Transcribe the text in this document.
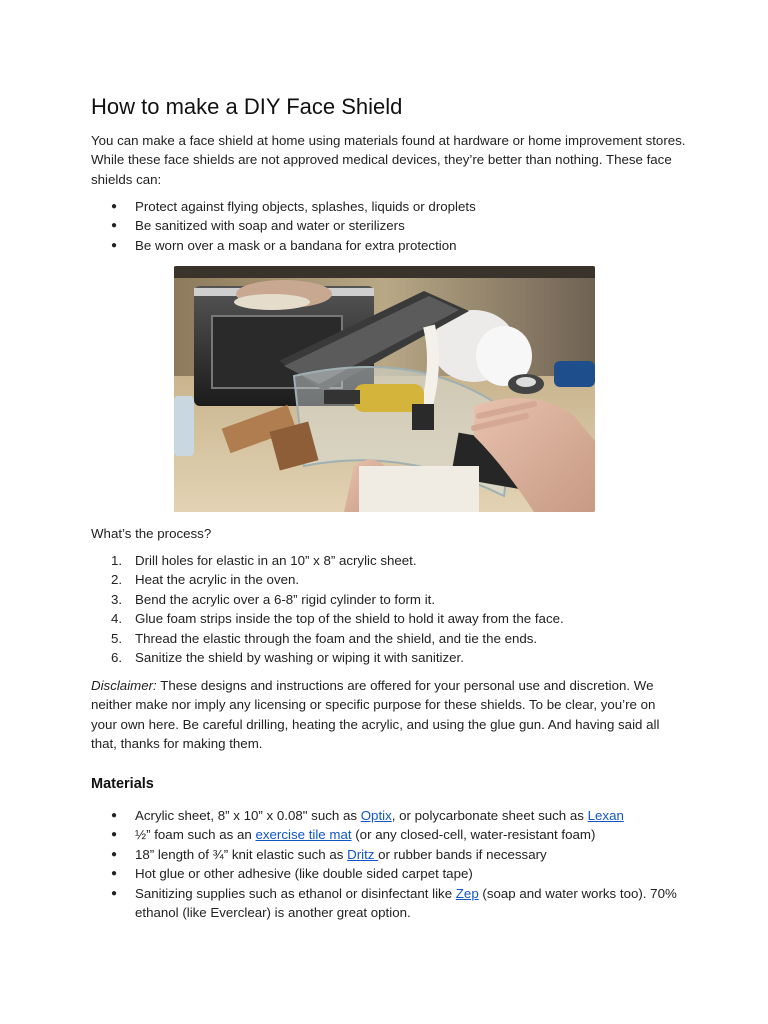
How to make a DIY Face Shield

You can make a face shield at home using materials found at hardware or home improvement stores. While these face shields are not approved medical devices, they’re better than nothing. These face shields can:

● Protect against flying objects, splashes, liquids or droplets
● Be sanitized with soap and water or sterilizers
● Be worn over a mask or a bandana for extra protection

What’s the process?

1. Drill holes for elastic in an 10” x 8” acrylic sheet.
2. Heat the acrylic in the oven.
3. Bend the acrylic over a 6-8” rigid cylinder to form it.
4. Glue foam strips inside the top of the shield to hold it away from the face.
5. Thread the elastic through the foam and the shield, and tie the ends.
6. Sanitize the shield by washing or wiping it with sanitizer.

Disclaimer: These designs and instructions are offered for your personal use and discretion. We neither make nor imply any licensing or specific purpose for these shields. To be clear, you’re on your own here. Be careful drilling, heating the acrylic, and using the glue gun. And having said all that, thanks for making them.

Materials
● Acrylic sheet, 8” x 10” x 0.08" such as Optix, or polycarbonate sheet such as Lexan
● ½” foam such as an exercise tile mat (or any closed-cell, water-resistant foam)
● 18” length of ¾” knit elastic such as Dritz or rubber bands if necessary
● Hot glue or other adhesive (like double sided carpet tape)
● Sanitizing supplies such as ethanol or disinfectant like Zep (soap and water works too). 70% ethanol (like Everclear) is another great option.
